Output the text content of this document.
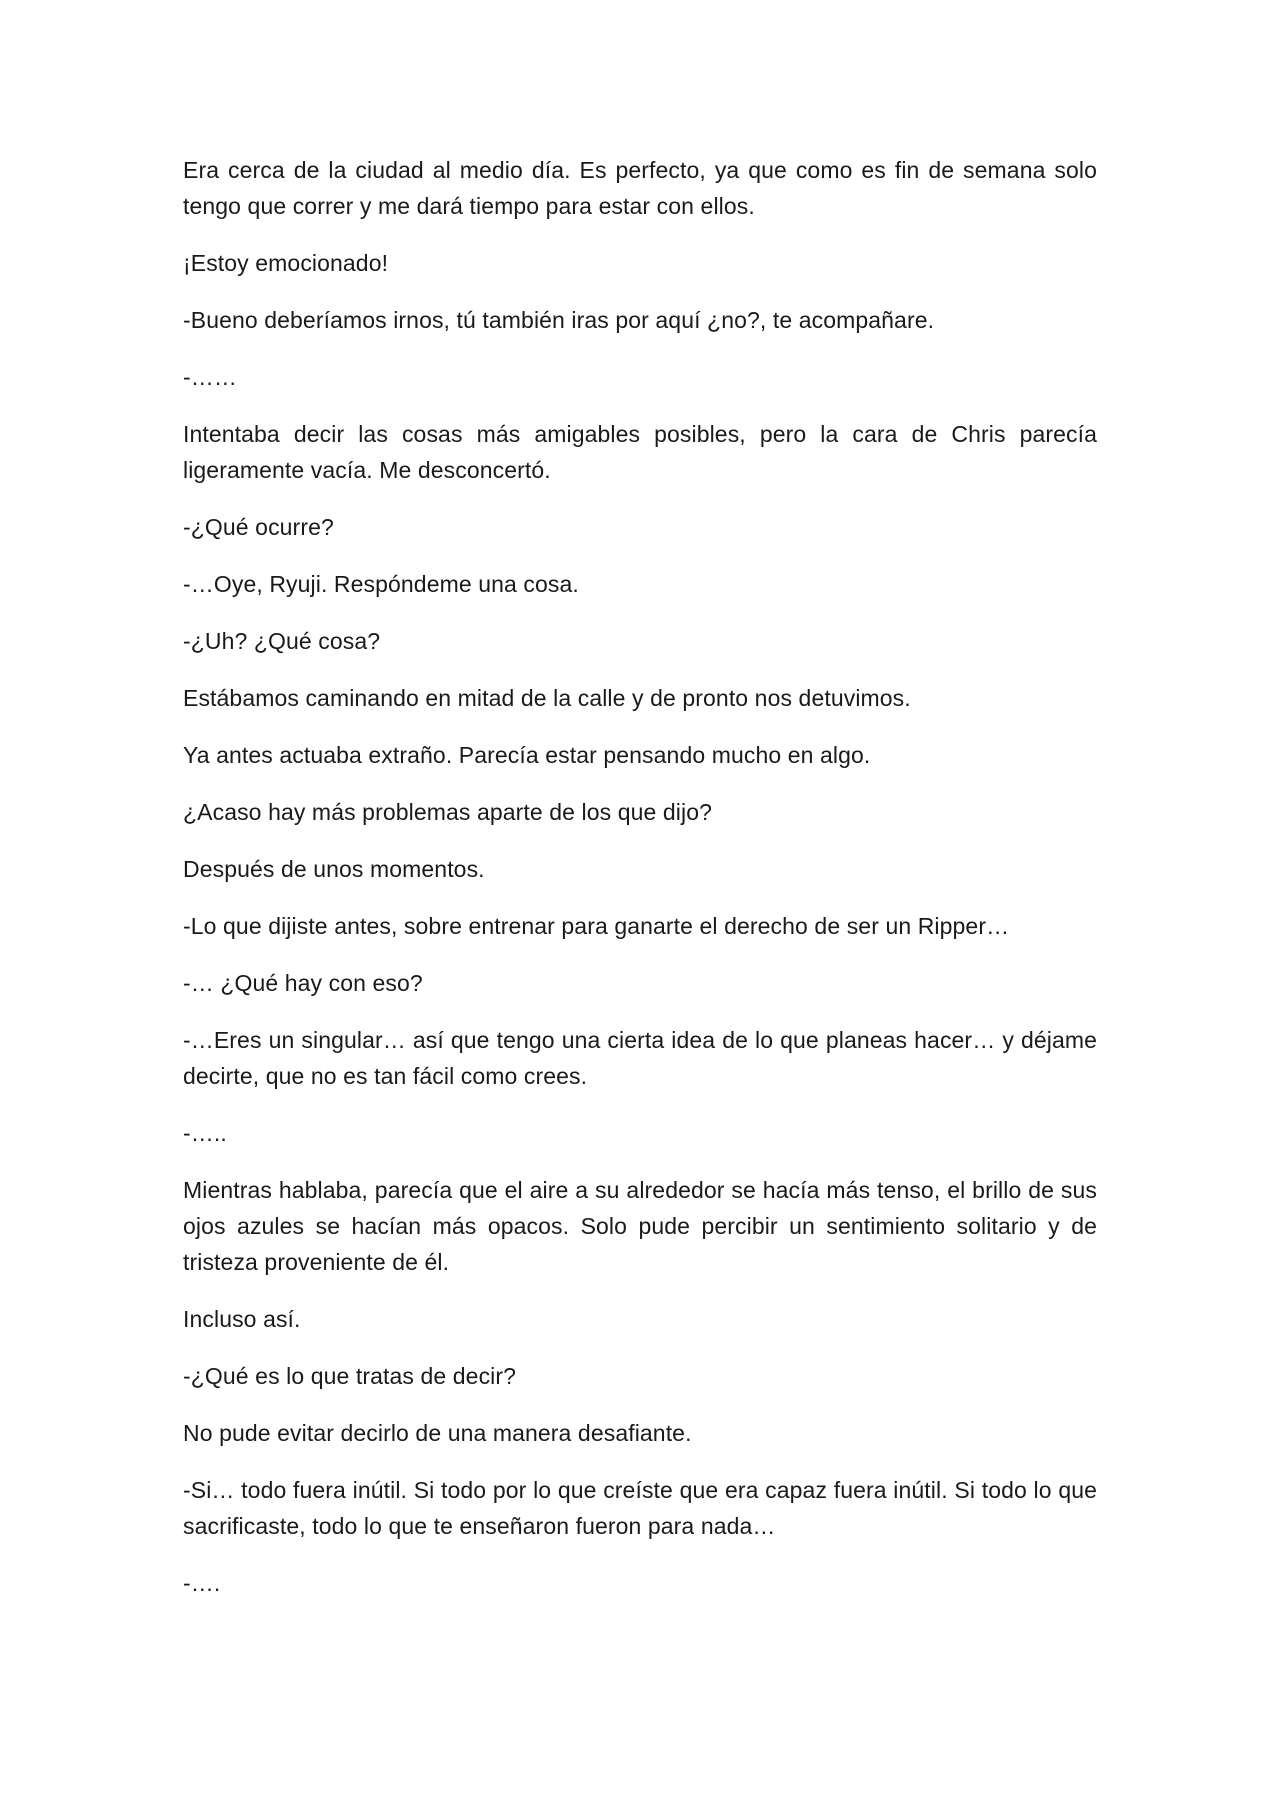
Era cerca de la ciudad al medio día. Es perfecto, ya que como es fin de semana solo tengo que correr y me dará tiempo para estar con ellos.

¡Estoy emocionado!

-Bueno deberíamos irnos, tú también iras por aquí ¿no?, te acompañare.

-……

Intentaba decir las cosas más amigables posibles, pero la cara de Chris parecía ligeramente vacía. Me desconcertó.

-¿Qué ocurre?

-…Oye, Ryuji. Respóndeme una cosa.

-¿Uh? ¿Qué cosa?

Estábamos caminando en mitad de la calle y de pronto nos detuvimos.

Ya antes actuaba extraño. Parecía estar pensando mucho en algo.

¿Acaso hay más problemas aparte de los que dijo?

Después de unos momentos.

-Lo que dijiste antes, sobre entrenar para ganarte el derecho de ser un Ripper…

-… ¿Qué hay con eso?

-…Eres un singular… así que tengo una cierta idea de lo que planeas hacer… y déjame decirte, que no es tan fácil como crees.

-…..

Mientras hablaba, parecía que el aire a su alrededor se hacía más tenso, el brillo de sus ojos azules se hacían más opacos. Solo pude percibir un sentimiento solitario y de tristeza proveniente de él.

Incluso así.

-¿Qué es lo que tratas de decir?

No pude evitar decirlo de una manera desafiante.

-Si… todo fuera inútil. Si todo por lo que creíste que era capaz fuera inútil. Si todo lo que sacrificaste, todo lo que te enseñaron fueron para nada…

-….
